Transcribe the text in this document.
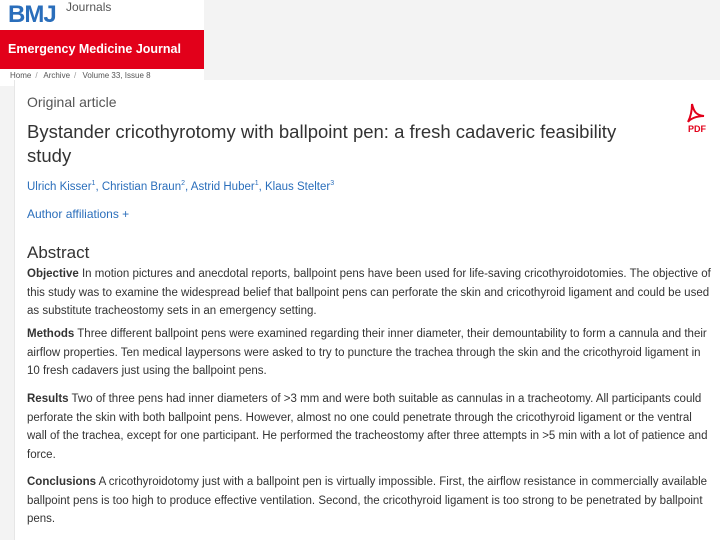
BMJ Journals
Emergency Medicine Journal
Home / Archive / Volume 33, Issue 8
Original article
Bystander cricothyrotomy with ballpoint pen: a fresh cadaveric feasibility study
Ulrich Kisser$^1$, Christian Braun$^2$, Astrid Huber$^1$, Klaus Stelter$^3$
Author affiliations +
Abstract
Objective In motion pictures and anecdotal reports, ballpoint pens have been used for life-saving cricothyroidotomies. The objective of this study was to examine the widespread belief that ballpoint pens can perforate the skin and cricothyroid ligament and could be used as substitute tracheostomy sets in an emergency setting.
Methods Three different ballpoint pens were examined regarding their inner diameter, their demountability to form a cannula and their airflow properties. Ten medical laypersons were asked to try to puncture the trachea through the skin and the cricothyroid ligament in 10 fresh cadavers just using the ballpoint pens.
Results Two of three pens had inner diameters of >3 mm and were both suitable as cannulas in a tracheotomy. All participants could perforate the skin with both ballpoint pens. However, almost no one could penetrate through the cricothyroid ligament or the ventral wall of the trachea, except for one participant. He performed the tracheostomy after three attempts in >5 min with a lot of patience and force.
Conclusions A cricothyroidotomy just with a ballpoint pen is virtually impossible. First, the airflow resistance in commercially available ballpoint pens is too high to produce effective ventilation. Second, the cricothyroid ligament is too strong to be penetrated by ballpoint pens.
PDF
